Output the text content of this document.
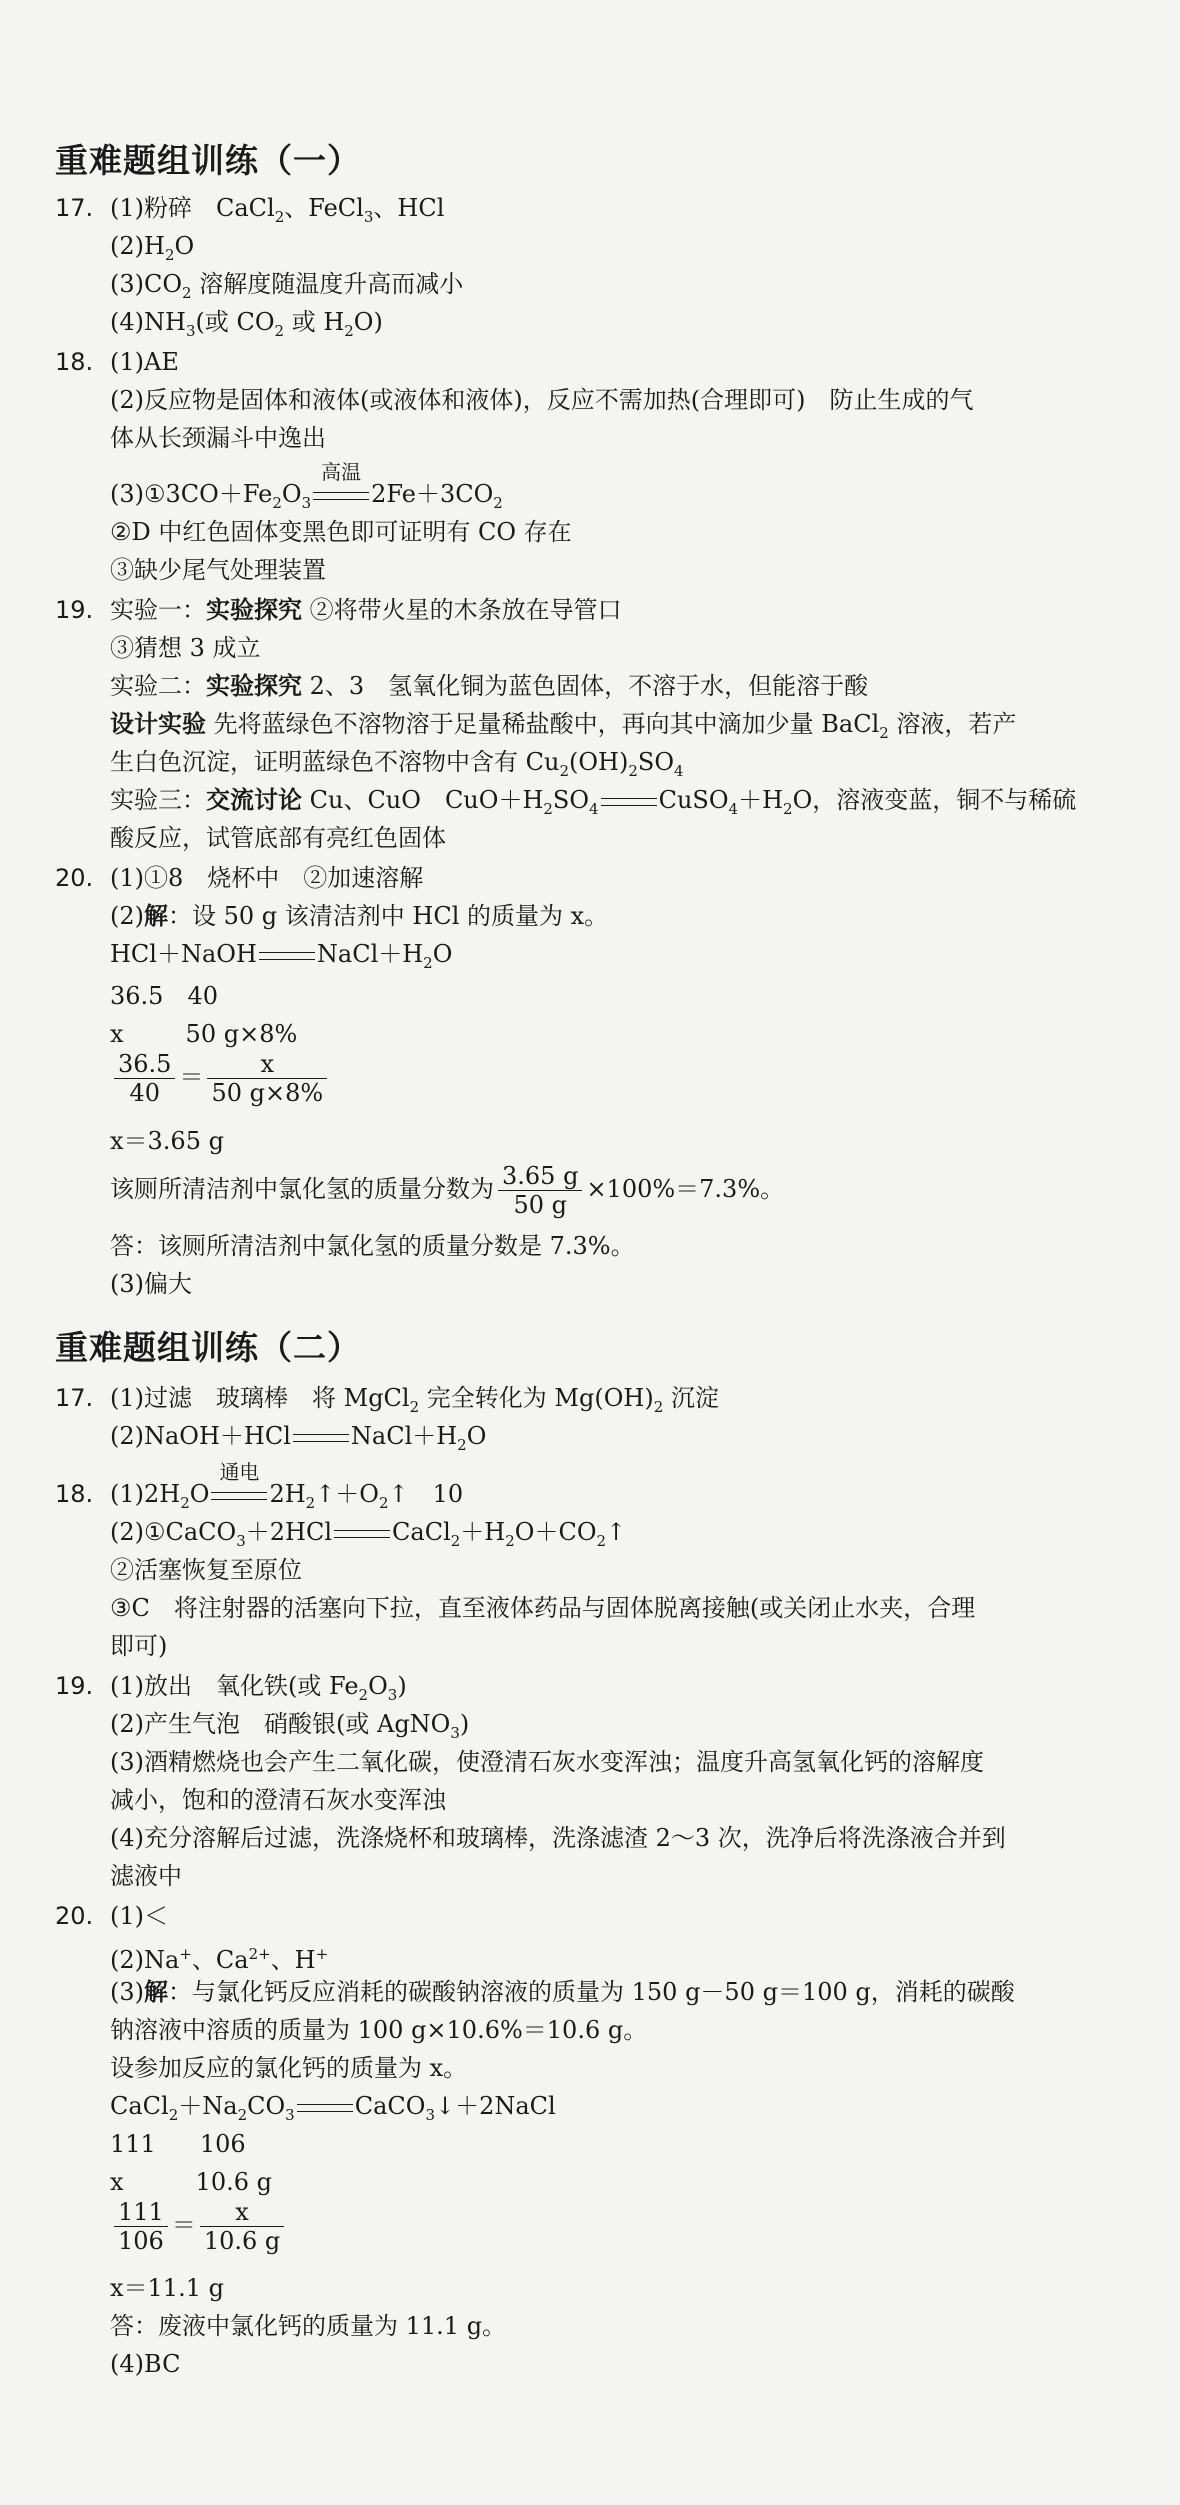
重难题组训练（一）
17. (1)粉碎　CaCl$_2$、FeCl$_3$、HCl
$(2)H_2O$
$(3)CO_2$ 溶解度随温度升高而减小
$(4)NH_3$(或 $CO_2$ 或 $H_2O$)
18. (1)AE
(2)反应物是固体和液体(或液体和液体)，反应不需加热(合理即可)　防止生成的气
体从长颈漏斗中逸出
$(3)①3CO+Fe_2O_3$
高温
$2Fe+3CO_2$
②D 中红色固体变黑色即可证明有 CO 存在
③缺少尾气处理装置
19. 实验一：实验探究 ②将带火星的木条放在导管口
③猜想 3 成立
实验二：实验探究 2、3　氢氧化铜为蓝色固体，不溶于水，但能溶于酸
设计实验 先将蓝绿色不溶物溶于足量稀盐酸中，再向其中滴加少量 BaCl$_2$ 溶液，若产
生白色沉淀，证明蓝绿色不溶物中含有 $Cu_2(OH)_2SO_4$
实验三：交流讨论 Cu、CuO　$CuO+H_2SO_4$	$CuSO_4+H_2O$，溶液变蓝，铜不与稀硫
酸反应，试管底部有亮红色固体
20. (1)①8　烧杯中　②加速溶解
(2)解：设 50 g 该清洁剂中 HCl 的质量为 x。
HCl＋NaOH	$NaCl+H_2O$
36.5 40
x	50 g×8%
$\frac{36.5}{40} = \frac{x}{50 g\times 8\%}$
x＝3.65 g
该厕所清洁剂中氯化氢的质量分数为 $\frac{3.65 g}{50 g} \times 100\%=7.3\%$。
答：该厕所清洁剂中氯化氢的质量分数是 7.3%。
(3)偏大
重难题组训练（二）
17. (1)过滤　玻璃棒　将 MgCl$_2$ 完全转化为 $Mg(OH)_2$ 沉淀
(2)NaOH＋HCl	$NaCl+H_2O$
18. $(1)2H_2O$
通电
$2H_2↑+O_2↑$　10
(2)①CaCO$_3$＋2HCl	$CaCl_2+H_2O+CO_2↑$
②活塞恢复至原位
③C　将注射器的活塞向下拉，直至液体药品与固体脱离接触(或关闭止水夹，合理
即可)
19. (1)放出　氧化铁(或 $Fe_2O_3$)
(2)产生气泡　硝酸银(或 AgNO$_3$)
(3)酒精燃烧也会产生二氧化碳，使澄清石灰水变浑浊；温度升高氢氧化钙的溶解度
减小，饱和的澄清石灰水变浑浊
(4)充分溶解后过滤，洗涤烧杯和玻璃棒，洗涤滤渣 2～3 次，洗净后将洗涤液合并到
滤液中
20. (1)＜
(2)Na+、$Ca^{2+}$、H+
(3)解：与氯化钙反应消耗的碳酸钠溶液的质量为 150 g－50 g＝100 g，消耗的碳酸
钠溶液中溶质的质量为 100 g×10.6%＝10.6 g。
设参加反应的氯化钙的质量为 x。
$CaCl_2+Na_2CO_3$	CaCO$_3$↓＋2NaCl
111 106
x	10.6 g
$\frac{111}{106} = \frac{x}{10.6 g}$
x＝11.1 g
答：废液中氯化钙的质量为 11.1 g。
(4)BC
